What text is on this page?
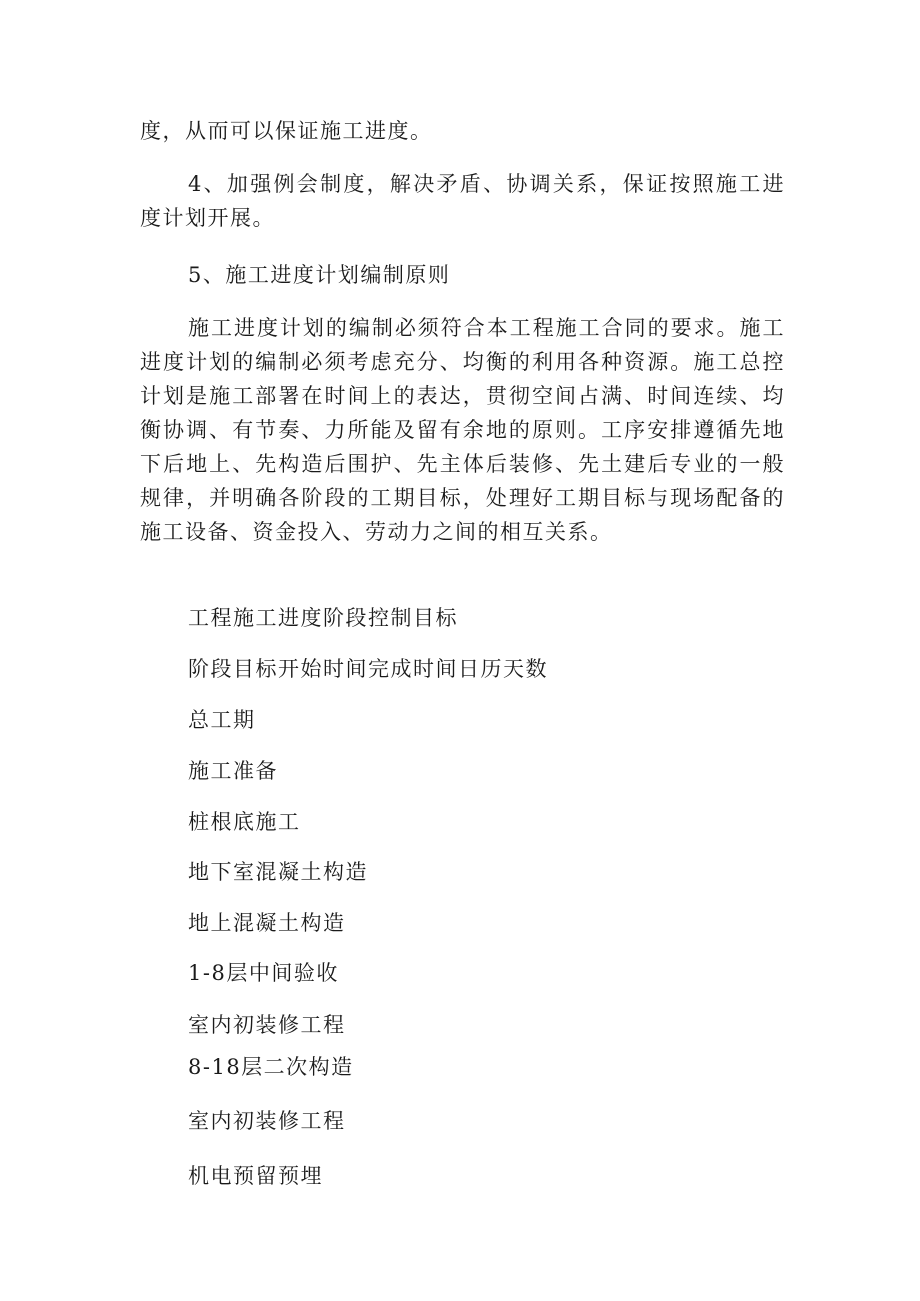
度，从而可以保证施工进度。

4、加强例会制度，解决矛盾、协调关系，保证按照施工进度计划开展。

5、施工进度计划编制原则

施工进度计划的编制必须符合本工程施工合同的要求。施工进度计划的编制必须考虑充分、均衡的利用各种资源。施工总控计划是施工部署在时间上的表达，贯彻空间占满、时间连续、均衡协调、有节奏、力所能及留有余地的原则。工序安排遵循先地下后地上、先构造后围护、先主体后装修、先土建后专业的一般规律，并明确各阶段的工期目标，处理好工期目标与现场配备的施工设备、资金投入、劳动力之间的相互关系。

工程施工进度阶段控制目标
阶段目标开始时间完成时间日历天数
总工期
施工准备
桩根底施工
地下室混凝土构造
地上混凝土构造
1-8层中间验收
室内初装修工程
8-18层二次构造
室内初装修工程
机电预留预埋
